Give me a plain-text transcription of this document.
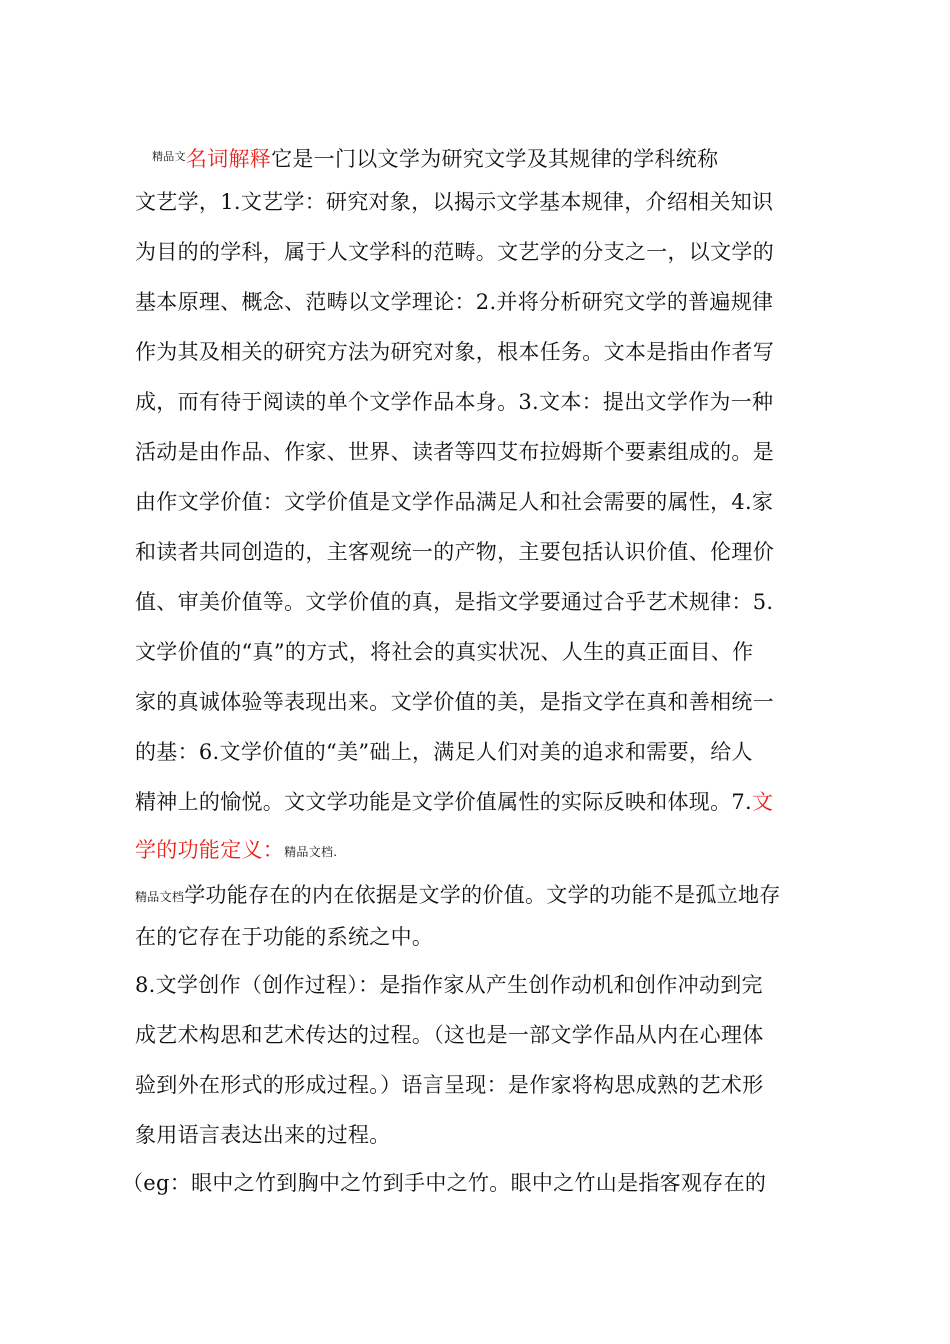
$^{精品文}$名词解释它是一门以文学为研究文学及其规律的学科统称
文艺学，1.文艺学：研究对象，以揭示文学基本规律，介绍相关知识
为目的的学科，属于人文学科的范畴。文艺学的分支之一，以文学的
基本原理、概念、范畴以文学理论：2.并将分析研究文学的普遍规律
作为其及相关的研究方法为研究对象，根本任务。文本是指由作者写
成，而有待于阅读的单个文学作品本身。3.文本：提出文学作为一种
活动是由作品、作家、世界、读者等四艾布拉姆斯个要素组成的。是
由作文学价值：文学价值是文学作品满足人和社会需要的属性，4.家
和读者共同创造的，主客观统一的产物，主要包括认识价值、伦理价
值、审美价值等。文学价值的真，是指文学要通过合乎艺术规律：5.
文学价值的“真”的方式，将社会的真实状况、人生的真正面目、作
家的真诚体验等表现出来。文学价值的美，是指文学在真和善相统一
的基：6.文学价值的“美”础上，满足人们对美的追求和需要，给人
精神上的愉悦。文文学功能是文学价值属性的实际反映和体现。7.文
学的功能定义：精品文档.
精品文档学功能存在的内在依据是文学的价值。文学的功能不是孤立地存
在的它存在于功能的系统之中。
8.文学创作（创作过程）：是指作家从产生创作动机和创作冲动到完
成艺术构思和艺术传达的过程。（这也是一部文学作品从内在心理体
验到外在形式的形成过程。）语言呈现：是作家将构思成熟的艺术形
象用语言表达出来的过程。
（eg：眼中之竹到胸中之竹到手中之竹。眼中之竹山是指客观存在的
